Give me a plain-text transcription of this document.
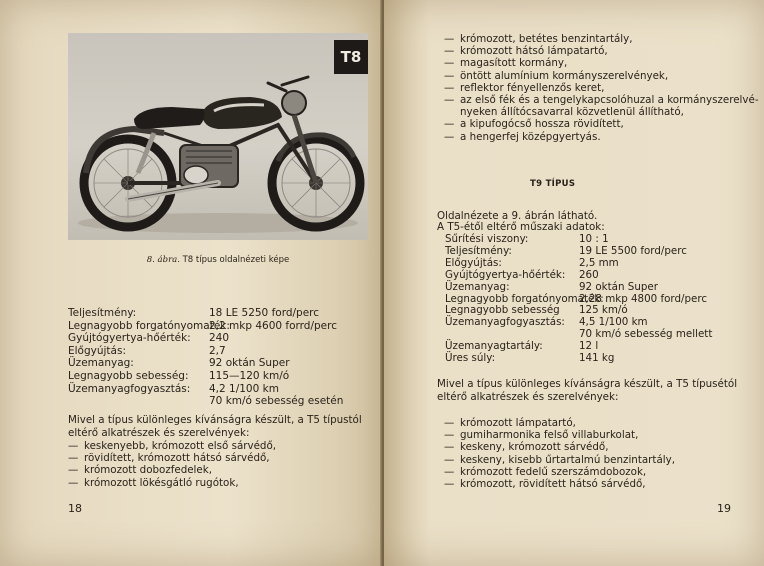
T8
8. ábra. T8 típus oldalnézeti képe
Teljesítmény:	18 LE 5250 ford/perc
Legnagyobb forgatónyomaték:
2,2 mkp 4600 forrd/perc
Gyújtógyertya-hőérték:	240
Előgyújtás:	2,7
Üzemanyag:	92 oktán Super
Legnagyobb sebesség:	115—120 km/ó
Üzemanyagfogyasztás:	4,2 1/100 km
70 km/ó sebesség esetén
Mivel a típus különleges kívánságra készült, a T5 típustól eltérő alkatrészek és szerelvények:
— keskenyebb, krómozott első sárvédő,
— rövidített, krómozott hátsó sárvédő,
— krómozott dobozfedelek,
— krómozott lökésgátló rugótok,
18
— krómozott, betétes benzintartály,
— krómozott hátsó lámpatartó,
— magasított kormány,
— öntött alumínium kormányszerelvények,
— reflektor fényellenzős keret,
— az első fék és a tengelykapcsolóhuzal a kormányszerelvé-
nyeken állítócsavarral közvetlenül állítható,
— a kipufogócső hossza rövidített,
— a hengerfej középgyertyás.
T9 TÍPUS
Oldalnézete a 9. ábrán látható.
A T5-étől eltérő műszaki adatok:
Sűrítési viszony:	10 : 1
Teljesítmény:	19 LE 5500 ford/perc
Előgyújtás:	2,5 mm
Gyújtógyertya-hőérték:	260
Üzemanyag:	92 oktán Super
Legnagyobb forgatónyomaték:
2,28 mkp 4800 ford/perc
Legnagyobb sebesség	125 km/ó
Üzemanyagfogyasztás:	4,5 1/100 km
70 km/ó sebesség mellett
Üzemanyagtartály:	12 l
Üres súly:	141 kg
Mivel a típus különleges kívánságra készült, a T5 típusétól eltérő alkatrészek és szerelvények:
— krómozott lámpatartó,
— gumiharmonika felső villaburkolat,
— keskeny, krómozott sárvédő,
— keskeny, kisebb űrtartalmú benzintartály,
— krómozott fedelű szerszámdobozok,
— krómozott, rövidített hátsó sárvédő,
19
